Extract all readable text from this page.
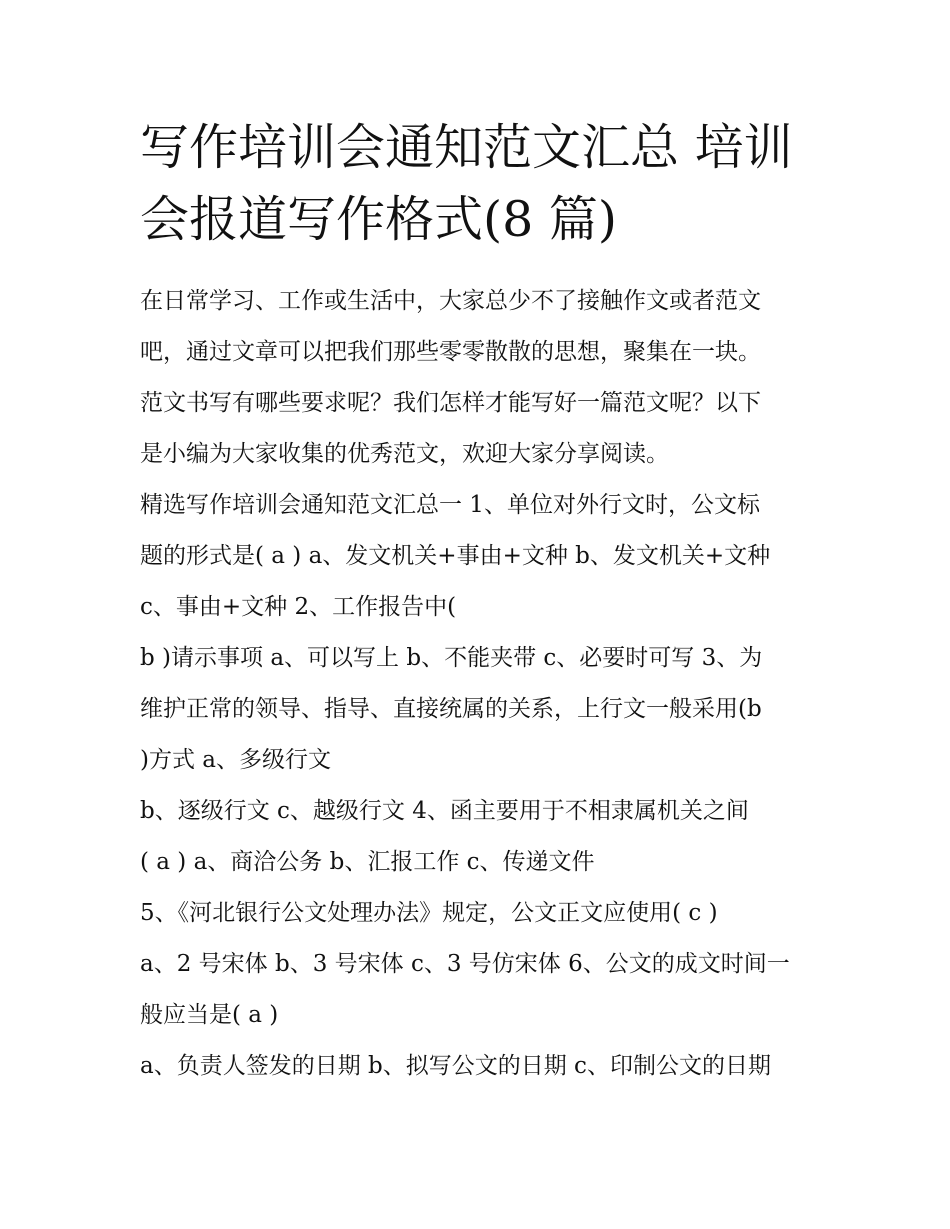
写作培训会通知范文汇总 培训
会报道写作格式(8 篇)
在日常学习、工作或生活中，大家总少不了接触作文或者范文
吧，通过文章可以把我们那些零零散散的思想，聚集在一块。
范文书写有哪些要求呢？我们怎样才能写好一篇范文呢？以下
是小编为大家收集的优秀范文，欢迎大家分享阅读。
精选写作培训会通知范文汇总一 1、单位对外行文时，公文标
题的形式是( a ) a、发文机关+事由+文种 b、发文机关+文种
c、事由+文种 2、工作报告中(
b )请示事项 a、可以写上 b、不能夹带 c、必要时可写 3、为
维护正常的领导、指导、直接统属的关系，上行文一般采用(b
)方式 a、多级行文
b、逐级行文 c、越级行文 4、函主要用于不相隶属机关之间
( a ) a、商洽公务 b、汇报工作 c、传递文件
5、《河北银行公文处理办法》规定，公文正文应使用( c )
a、2 号宋体 b、3 号宋体 c、3 号仿宋体 6、公文的成文时间一
般应当是( a )
a、负责人签发的日期 b、拟写公文的日期 c、印制公文的日期
